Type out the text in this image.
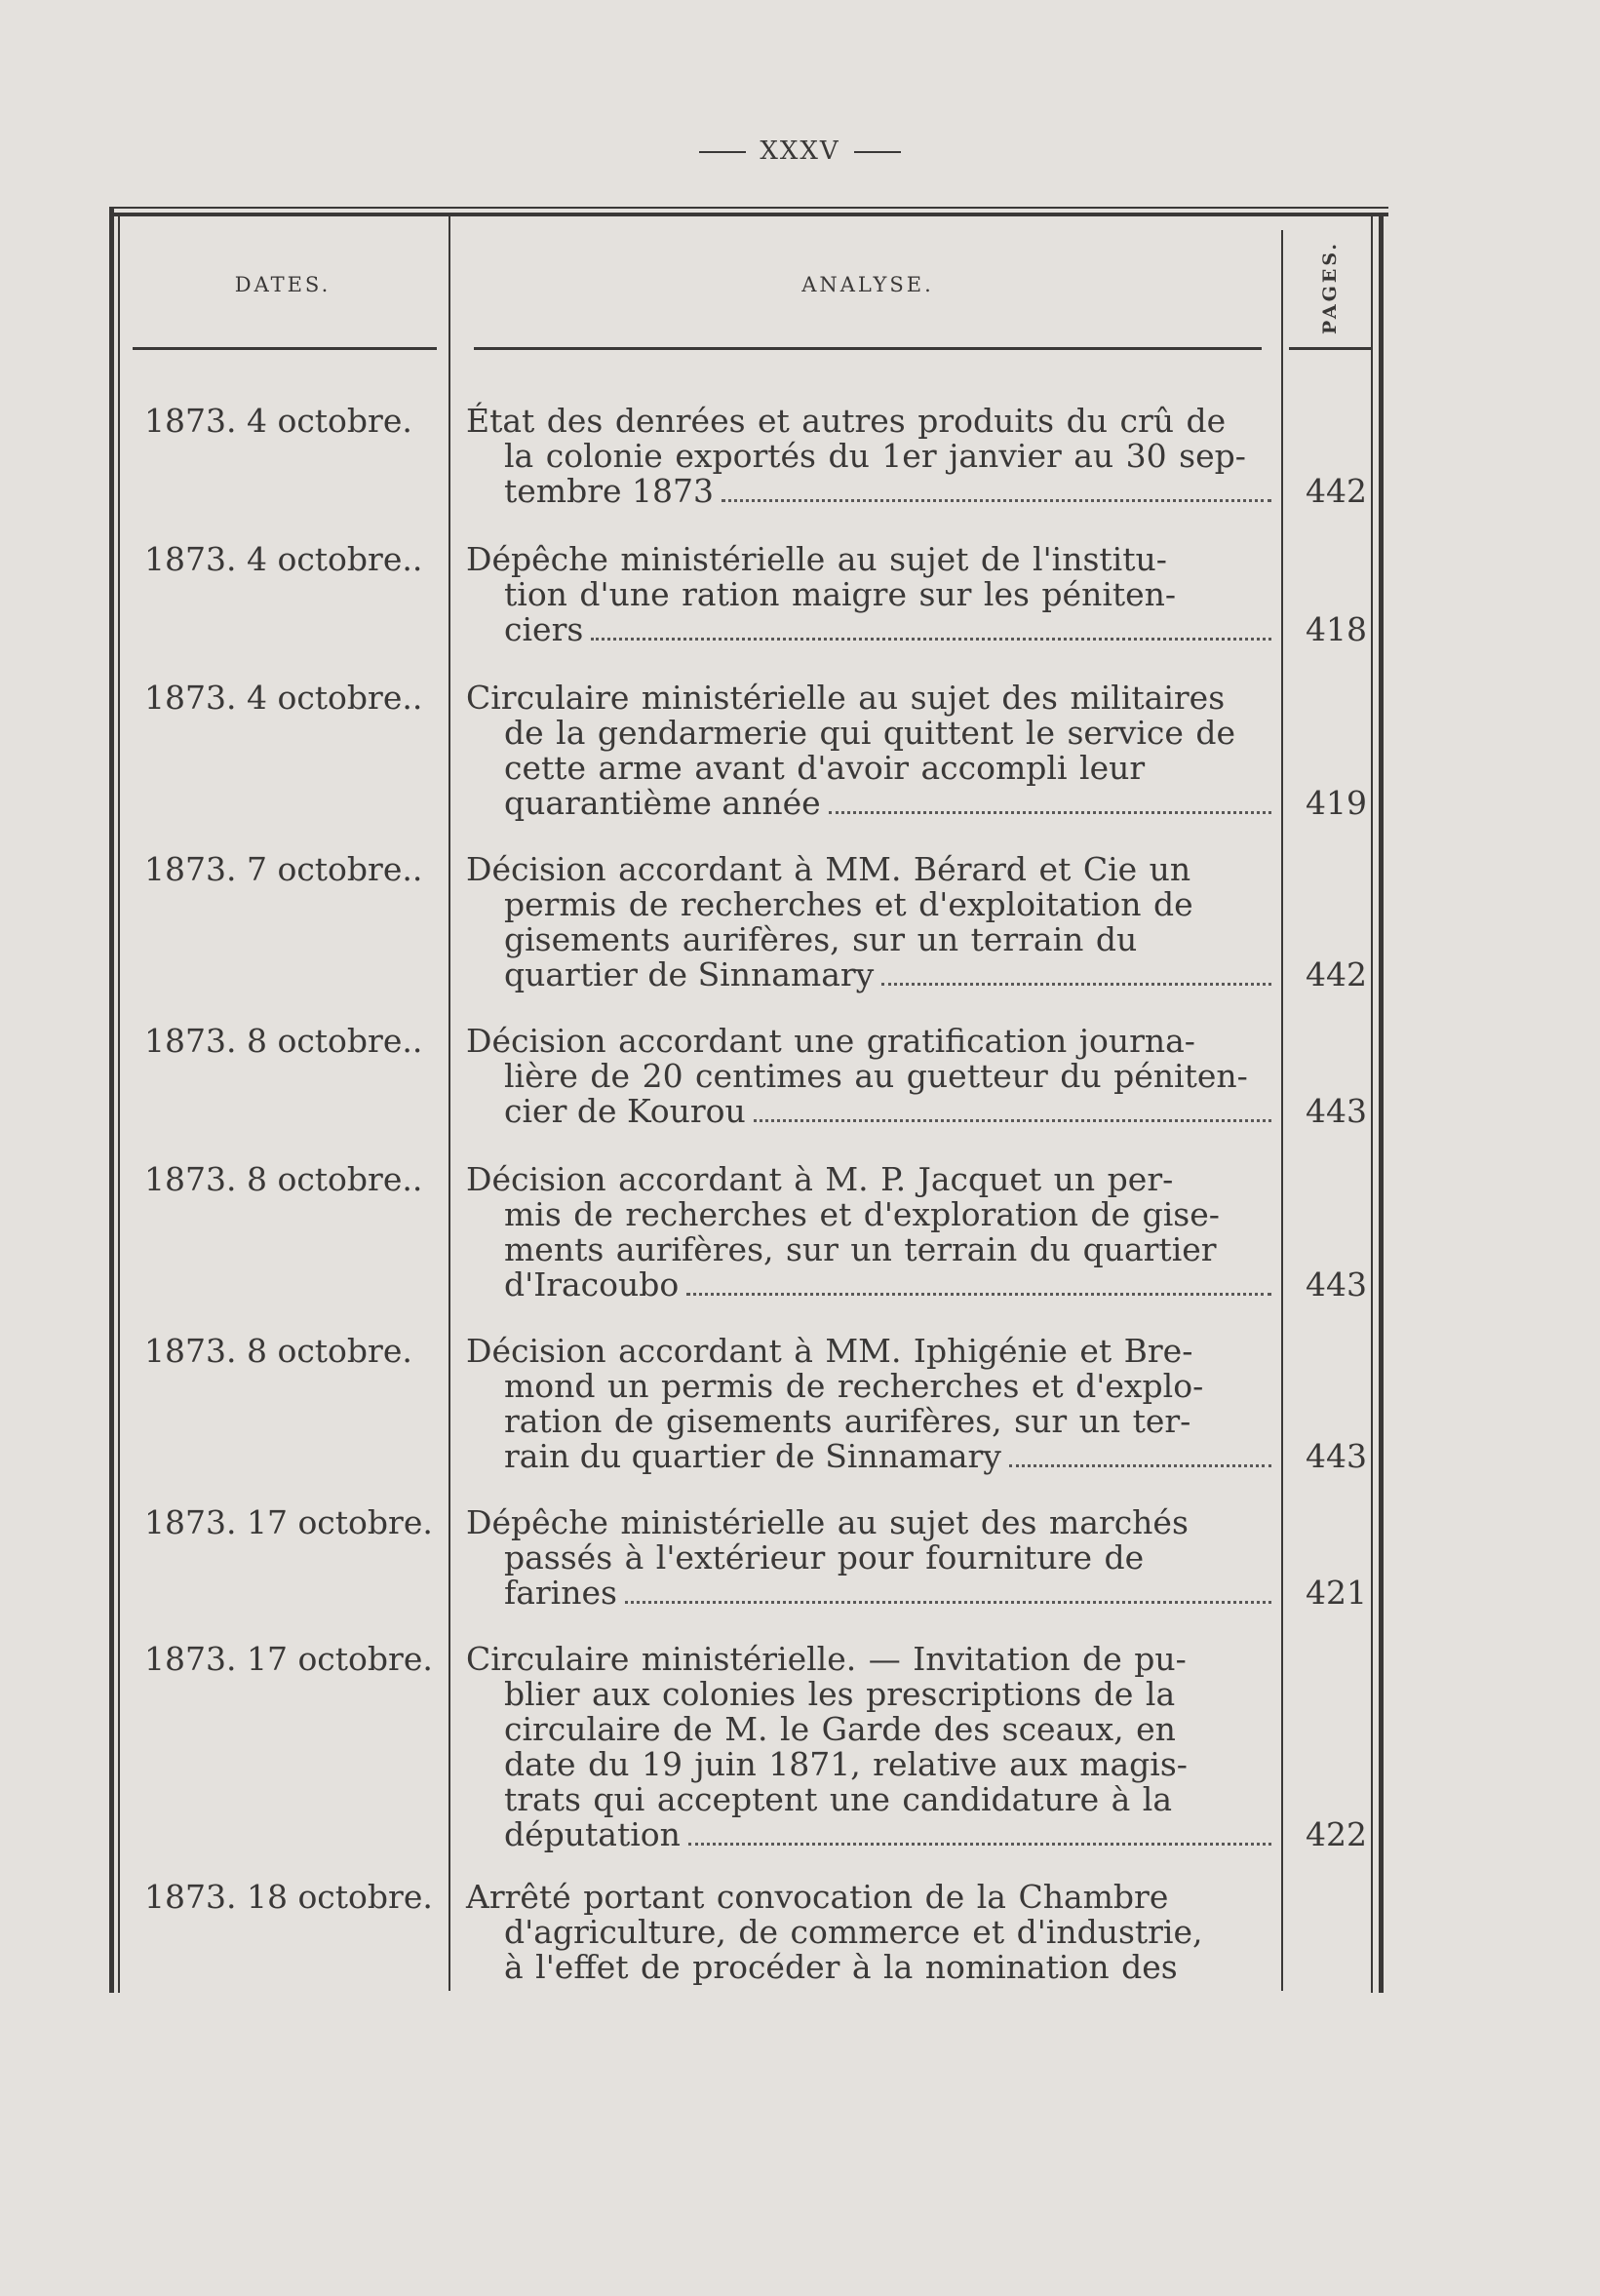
XXXV
DATES.	ANALYSE.	PAGES.
1873. 4 octobre. État des denrées et autres produits du crû de
la colonie exportés du 1er janvier au 30 sep-
tembre 1873	442
1873. 4 octobre.. Dépêche ministérielle au sujet de l'institu-
tion d'une ration maigre sur les péniten-
ciers	418
1873. 4 octobre.. Circulaire ministérielle au sujet des militaires
de la gendarmerie qui quittent le service de
cette arme avant d'avoir accompli leur
quarantième année	419
1873. 7 octobre.. Décision accordant à MM. Bérard et Cie un
permis de recherches et d'exploitation de
gisements aurifères, sur un terrain du
quartier de Sinnamary	442
1873. 8 octobre.. Décision accordant une gratification journa-
lière de 20 centimes au guetteur du péniten-
cier de Kourou	443
1873. 8 octobre.. Décision accordant à M. P. Jacquet un per-
mis de recherches et d'exploration de gise-
ments aurifères, sur un terrain du quartier
d'Iracoubo	443
1873. 8 octobre. Décision accordant à MM. Iphigénie et Bre-
mond un permis de recherches et d'explo-
ration de gisements aurifères, sur un ter-
rain du quartier de Sinnamary	443
1873. 17 octobre. Dépêche ministérielle au sujet des marchés
passés à l'extérieur pour fourniture de
farines	421
1873. 17 octobre. Circulaire ministérielle. — Invitation de pu-
blier aux colonies les prescriptions de la
circulaire de M. le Garde des sceaux, en
date du 19 juin 1871, relative aux magis-
trats qui acceptent une candidature à la
députation	422
1873. 18 octobre. Arrêté portant convocation de la Chambre
d'agriculture, de commerce et d'industrie,
à l'effet de procéder à la nomination des
